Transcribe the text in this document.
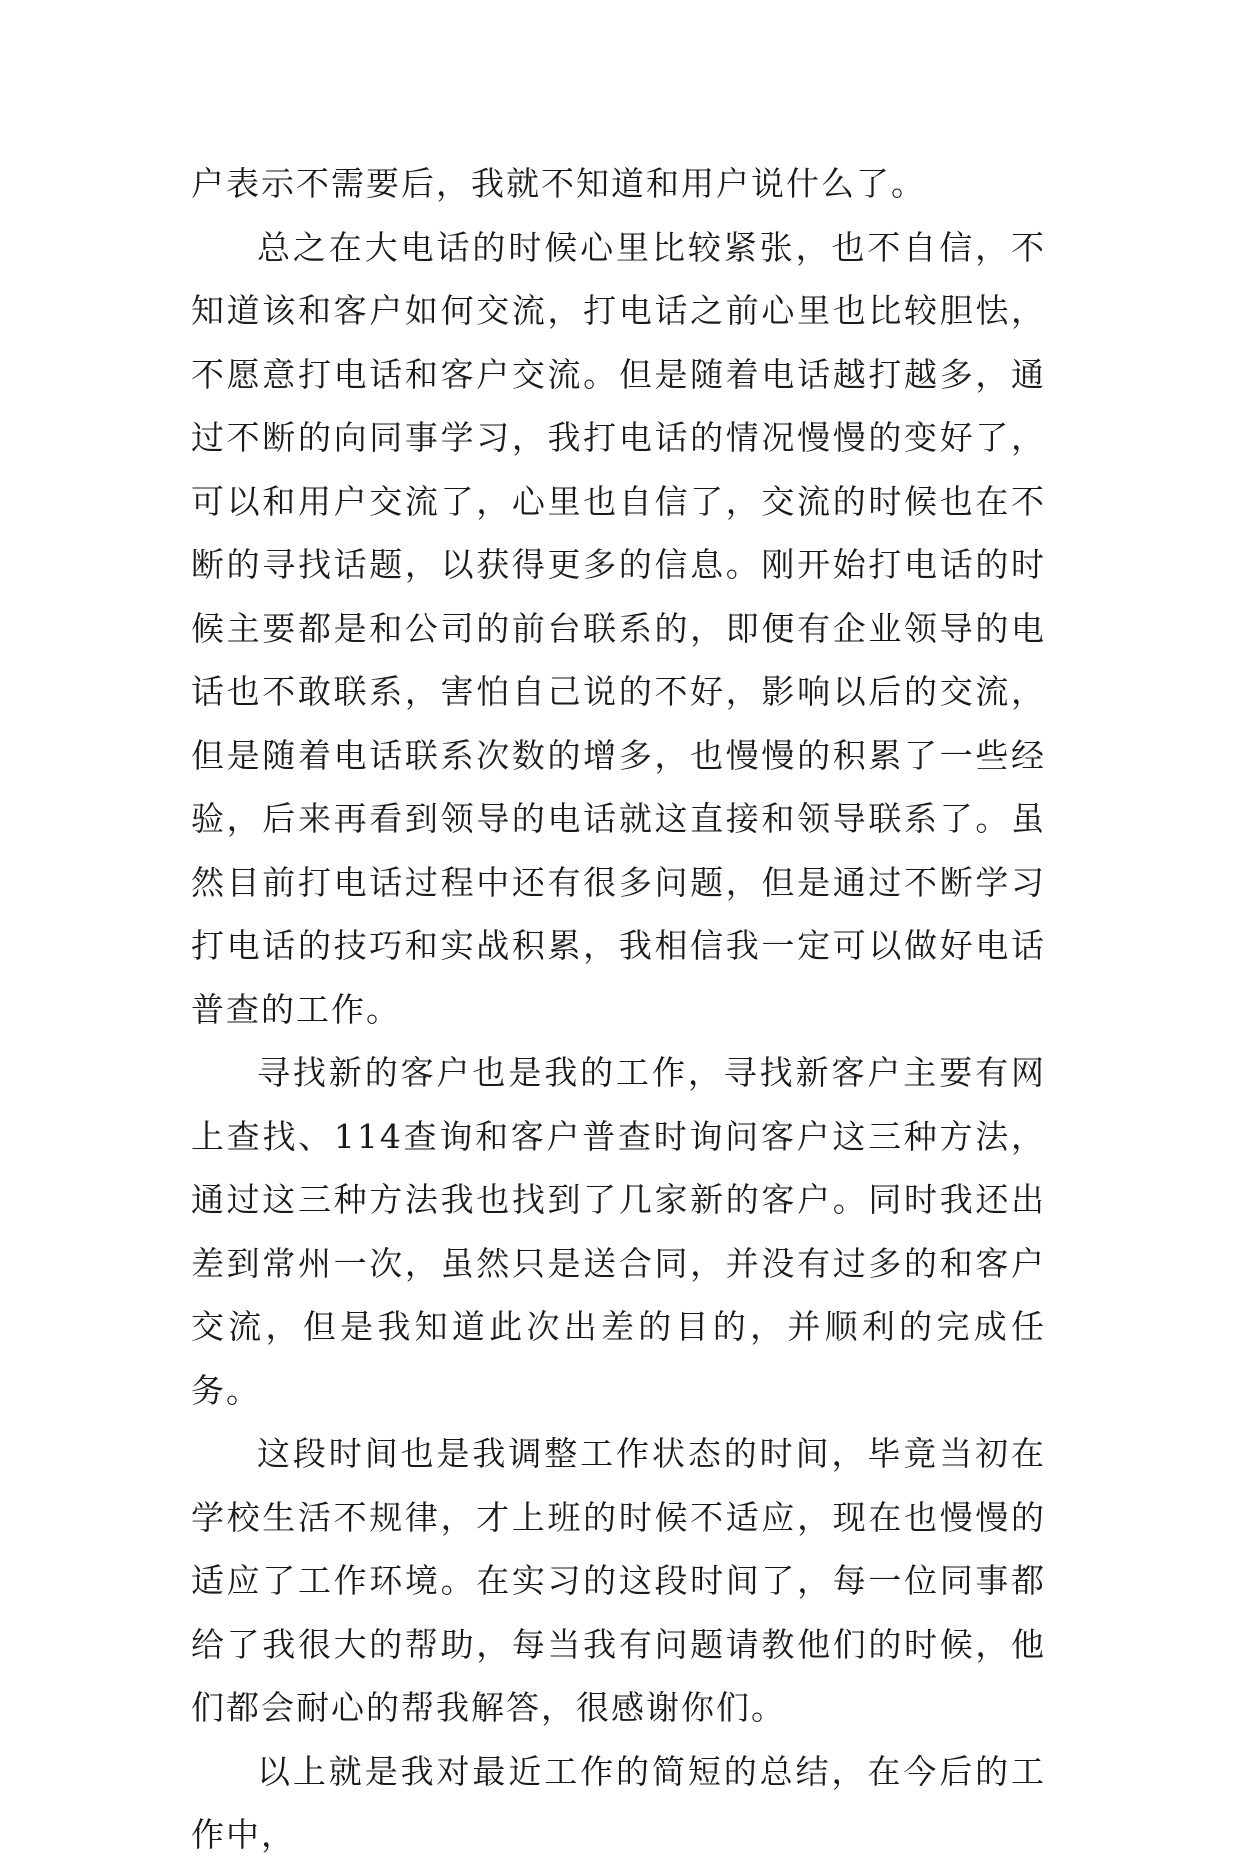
户表示不需要后，我就不知道和用户说什么了。

总之在大电话的时候心里比较紧张，也不自信，不知道该和客户如何交流，打电话之前心里也比较胆怯，不愿意打电话和客户交流。但是随着电话越打越多，通过不断的向同事学习，我打电话的情况慢慢的变好了，可以和用户交流了，心里也自信了，交流的时候也在不断的寻找话题，以获得更多的信息。刚开始打电话的时候主要都是和公司的前台联系的，即便有企业领导的电话也不敢联系，害怕自己说的不好，影响以后的交流，但是随着电话联系次数的增多，也慢慢的积累了一些经验，后来再看到领导的电话就这直接和领导联系了。虽然目前打电话过程中还有很多问题，但是通过不断学习打电话的技巧和实战积累，我相信我一定可以做好电话普查的工作。

寻找新的客户也是我的工作，寻找新客户主要有网上查找、114查询和客户普查时询问客户这三种方法，通过这三种方法我也找到了几家新的客户。同时我还出差到常州一次，虽然只是送合同，并没有过多的和客户交流，但是我知道此次出差的目的，并顺利的完成任务。

这段时间也是我调整工作状态的时间，毕竟当初在学校生活不规律，才上班的时候不适应，现在也慢慢的适应了工作环境。在实习的这段时间了，每一位同事都给了我很大的帮助，每当我有问题请教他们的时候，他们都会耐心的帮我解答，很感谢你们。

以上就是我对最近工作的简短的总结，在今后的工作中，
